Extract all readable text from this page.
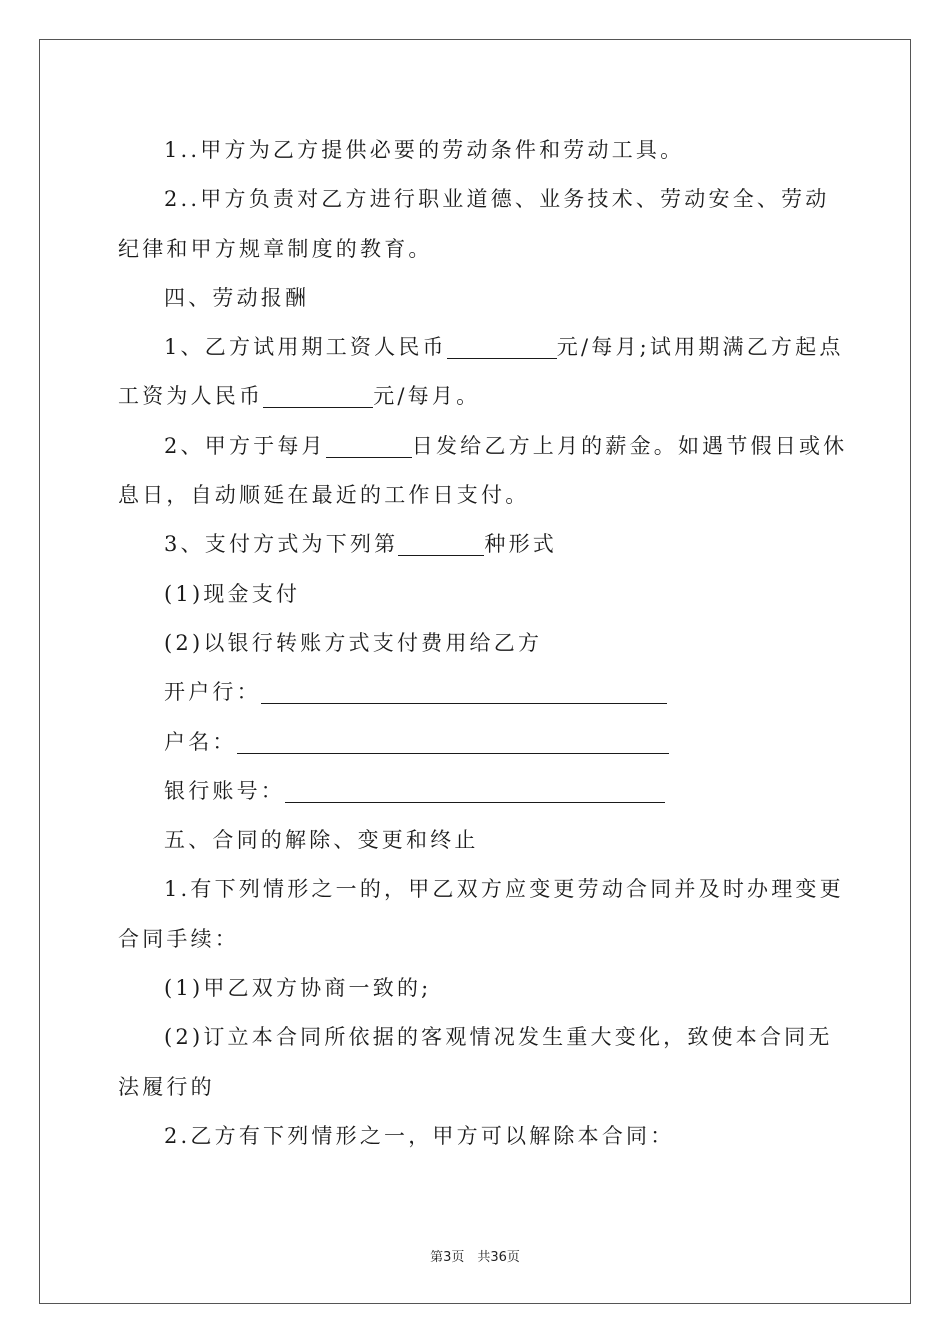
1..甲方为乙方提供必要的劳动条件和劳动工具。
2..甲方负责对乙方进行职业道德、业务技术、劳动安全、劳动
纪律和甲方规章制度的教育。
四、劳动报酬
1、乙方试用期工资人民币	元/每月;试用期满乙方起点
工资为人民币	元/每月。
2、甲方于每月	日发给乙方上月的薪金。如遇节假日或休
息日，自动顺延在最近的工作日支付。
3、支付方式为下列第	种形式
(1)现金支付
(2)以银行转账方式支付费用给乙方
开户行：
户名：
银行账号：
五、合同的解除、变更和终止
1.有下列情形之一的，甲乙双方应变更劳动合同并及时办理变更
合同手续：
(1)甲乙双方协商一致的;
(2)订立本合同所依据的客观情况发生重大变化，致使本合同无
法履行的
2.乙方有下列情形之一，甲方可以解除本合同：
第3页　共36页
